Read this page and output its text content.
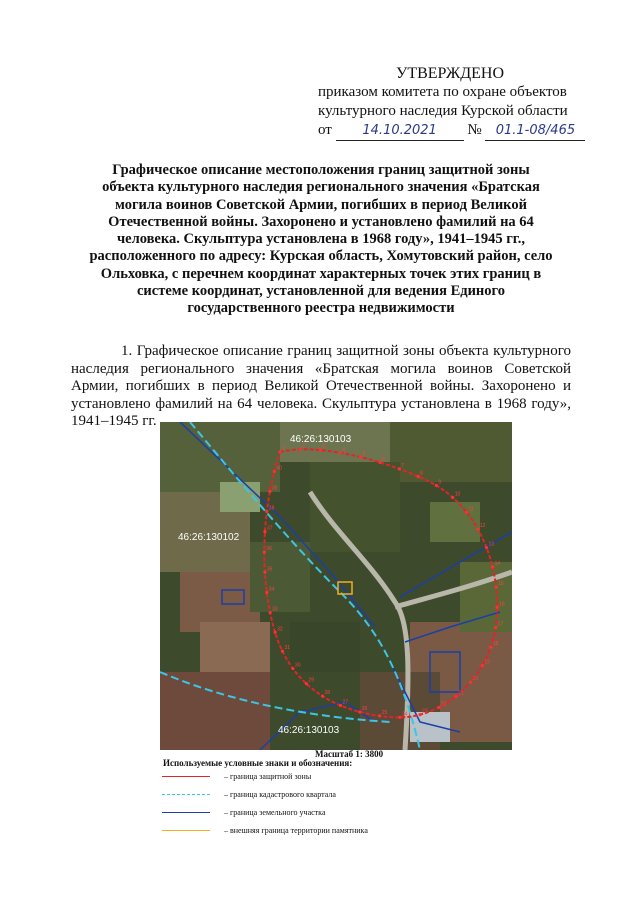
УТВЕРЖДЕНО
приказом комитета по охране объектов
культурного наследия Курской области
от 14.10.2021 № 01.1-08/465
Графическое описание местоположения границ защитной зоны объекта культурного наследия регионального значения «Братская могила воинов Советской Армии, погибших в период Великой Отечественной войны. Захоронено и установлено фамилий на 64 человека. Скульптура установлена в 1968 году», 1941–1945 гг., расположенного по адресу: Курская область, Хомутовский район, село Ольховка, с перечнем координат характерных точек этих границ в системе координат, установленной для ведения Единого государственного реестра недвижимости
1. Графическое описание границ защитной зоны объекта культурного наследия регионального значения «Братская могила воинов Советской Армии, погибших в период Великой Отечественной войны. Захоронено и установлено фамилий на 64 человека. Скульптура установлена в 1968 году», 1941–1945 гг.
1	2	3	4
5
6
7
8
9
10
11
12
13
14
15
16
17
18
19
20
21
22
23
24
25
26
27
28
29
30
31
32
33
34
35
36
37
38
39
40
46:26:130103
46:26:130102
46:26:130103
Масштаб 1: 3800
Используемые условные знаки и обозначения:
– граница защитной зоны
– граница кадастрового квартала
– граница земельного участка
– внешняя граница территории памятника
